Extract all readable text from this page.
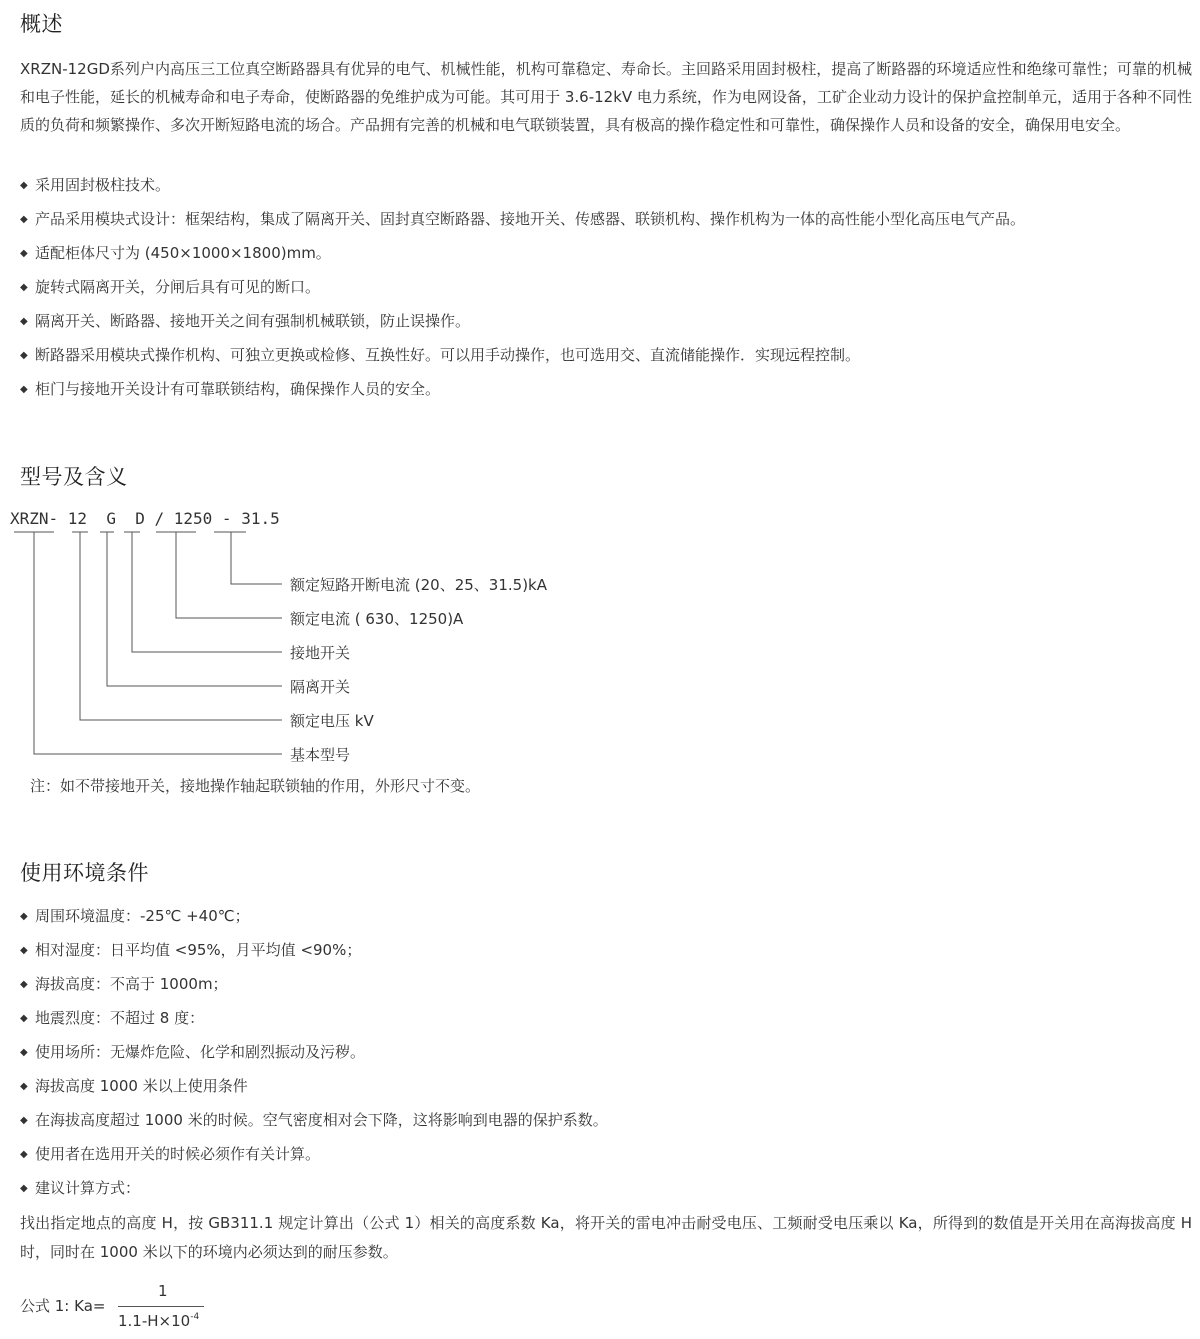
概述

XRZN-12GD系列户内高压三工位真空断路器具有优异的电气、机械性能，机构可靠稳定、寿命长。主回路采用固封极柱，提高了断路器的环境适应性和绝缘可靠性；可靠的机械和电子性能，延长的机械寿命和电子寿命，使断路器的免维护成为可能。其可用于 3.6-12kV 电力系统，作为电网设备，工矿企业动力设计的保护盒控制单元，适用于各种不同性质的负荷和频繁操作、多次开断短路电流的场合。产品拥有完善的机械和电气联锁装置，具有极高的操作稳定性和可靠性，确保操作人员和设备的安全，确保用电安全。

◆ 采用固封极柱技术。
◆ 产品采用模块式设计：框架结构，集成了隔离开关、固封真空断路器、接地开关、传感器、联锁机构、操作机构为一体的高性能小型化高压电气产品。
◆ 适配柜体尺寸为 (450×1000×1800)mm。
◆ 旋转式隔离开关，分闸后具有可见的断口。
◆ 隔离开关、断路器、接地开关之间有强制机械联锁，防止误操作。
◆ 断路器采用模块式操作机构、可独立更换或检修、互换性好。可以用手动操作，也可选用交、直流储能操作．实现远程控制。
◆ 柜门与接地开关设计有可靠联锁结构，确保操作人员的安全。
型号及含义
XRZN- 12  G  D / 1250 - 31.5
额定短路开断电流 (20、25、31.5)kA
额定电流 ( 630、1250)A
接地开关
隔离开关
额定电压 kV
基本型号
注：如不带接地开关，接地操作轴起联锁轴的作用，外形尺寸不变。
使用环境条件
◆ 周围环境温度：-25℃ +40℃；
◆ 相对湿度：日平均值 <95%，月平均值 <90%；
◆ 海拔高度：不高于 1000m；
◆ 地震烈度：不超过 8 度：
◆ 使用场所：无爆炸危险、化学和剧烈振动及污秽。
◆ 海拔高度 1000 米以上使用条件
◆ 在海拔高度超过 1000 米的时候。空气密度相对会下降，这将影响到电器的保护系数。
◆ 使用者在选用开关的时候必须作有关计算。
◆ 建议计算方式：

找出指定地点的高度 H，按 GB311.1 规定计算出（公式 1）相关的高度系数 Ka，将开关的雷电冲击耐受电压、工频耐受电压乘以 Ka，所得到的数值是开关用在高海拔高度 H 时，同时在 1000 米以下的环境内必须达到的耐压参数。

公式 1: Ka=
1
$1.1-H\times 10^{-4}$
